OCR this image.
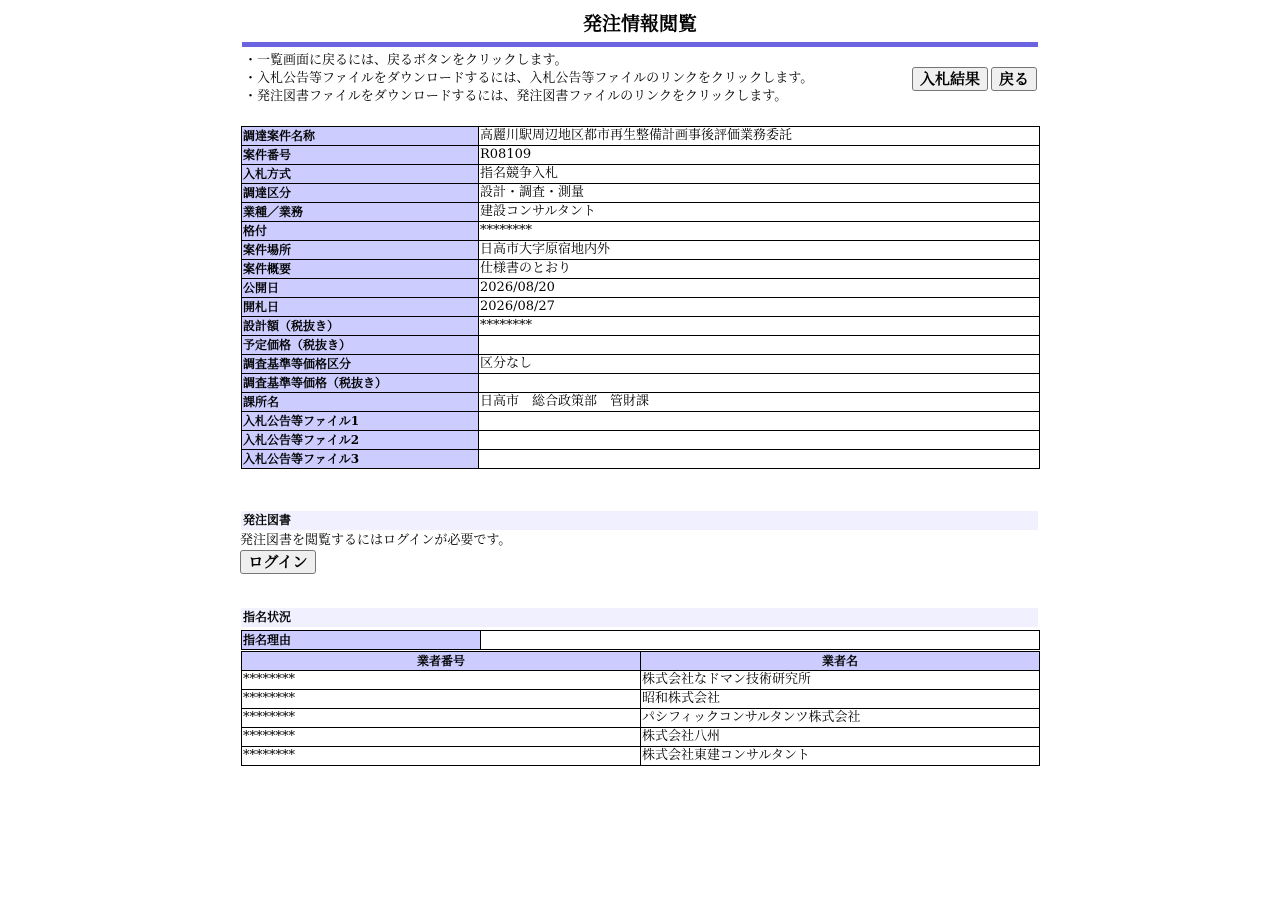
発注情報閲覧
・一覧画面に戻るには、戻るボタンをクリックします。
・入札公告等ファイルをダウンロードするには、入札公告等ファイルのリンクをクリックします。
・発注図書ファイルをダウンロードするには、発注図書ファイルのリンクをクリックします。
入札結果	戻る
調達案件名称	高麗川駅周辺地区都市再生整備計画事後評価業務委託
案件番号	R08109
入札方式	指名競争入札
調達区分	設計・調査・測量
業種／業務	建設コンサルタント
格付	********
案件場所	日高市大字原宿地内外
案件概要	仕様書のとおり
公開日	2026/08/20
開札日	2026/08/27
設計額（税抜き）	********
予定価格（税抜き）	
調査基準等価格区分	区分なし
調査基準等価格（税抜き）	
課所名	日高市　総合政策部　管財課
入札公告等ファイル1	
入札公告等ファイル2	
入札公告等ファイル3	
発注図書
発注図書を閲覧するにはログインが必要です。
ログイン
指名状況
指名理由	
業者番号	業者名
********	株式会社なドマン技術研究所
********	昭和株式会社
********	パシフィックコンサルタンツ株式会社
********	株式会社八州
********	株式会社東建コンサルタント
